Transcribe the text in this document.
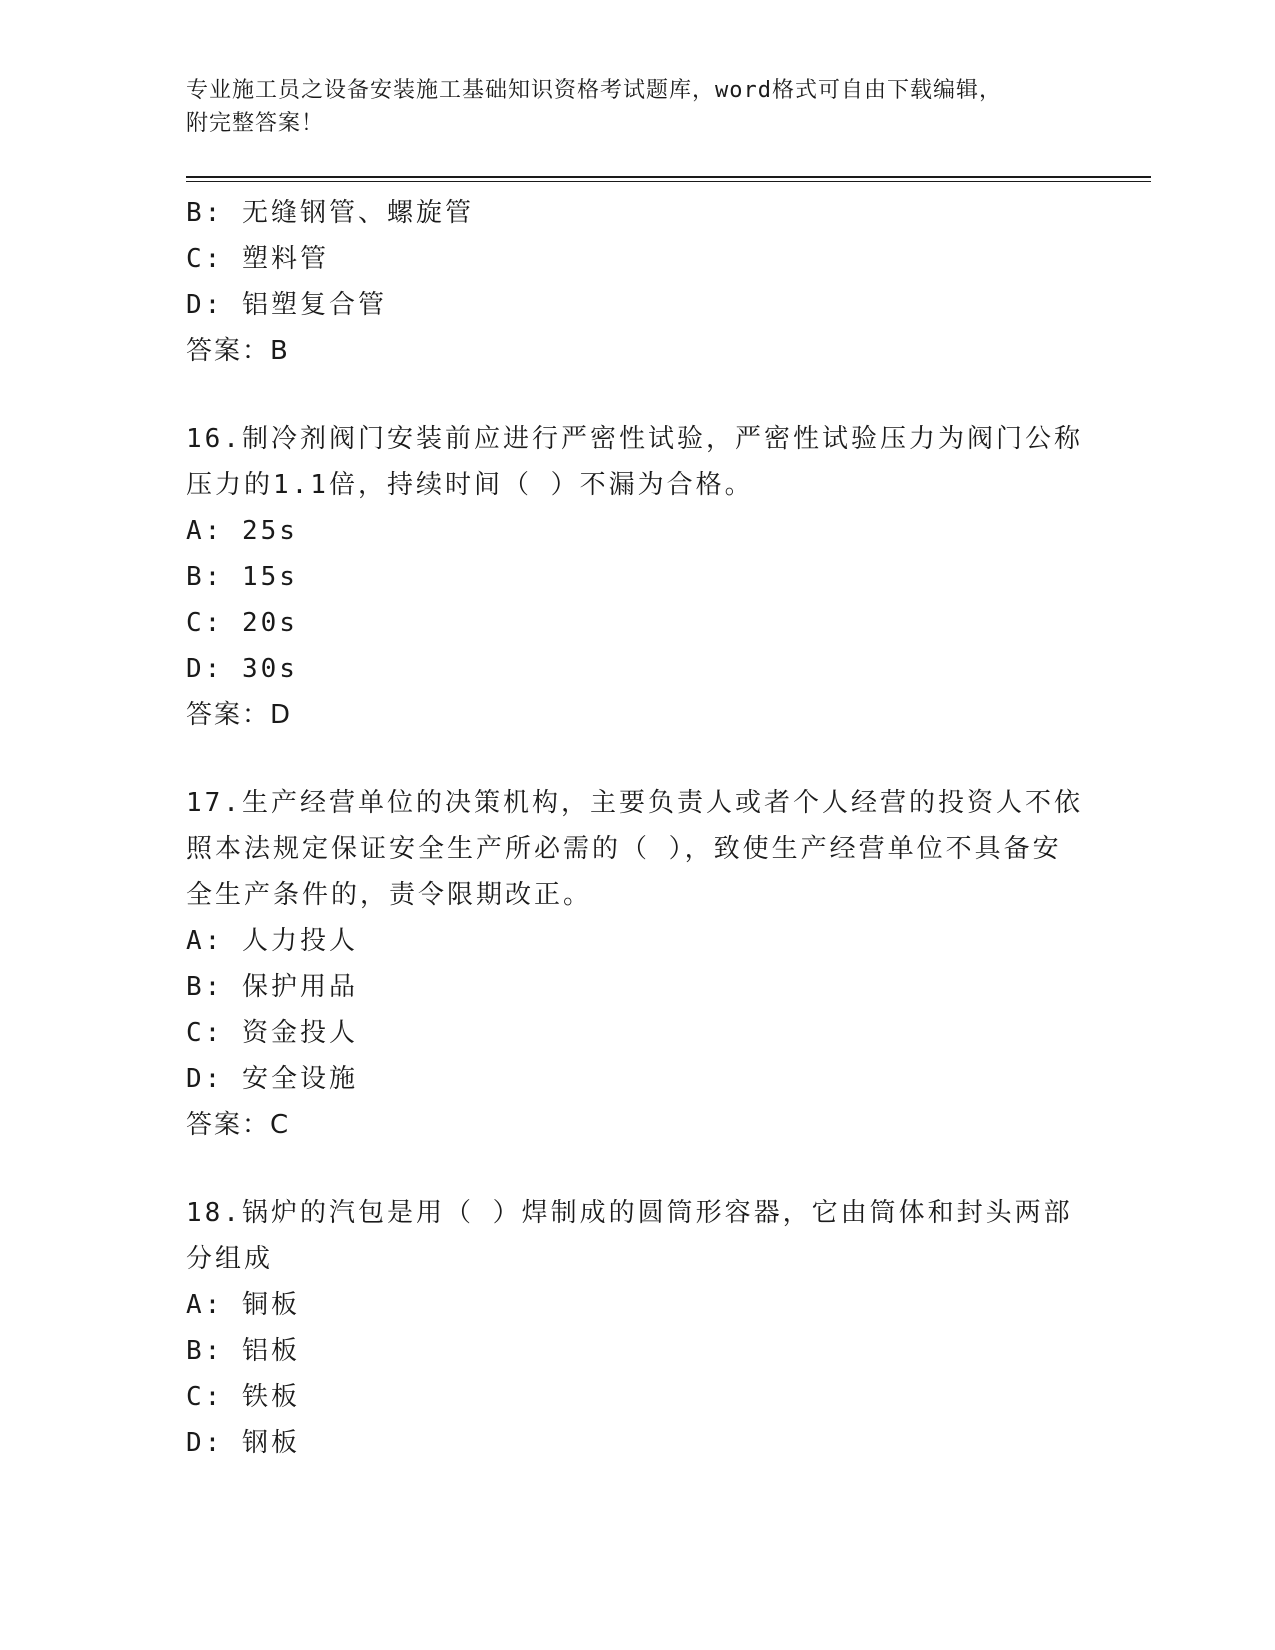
专业施工员之设备安装施工基础知识资格考试题库，word格式可自由下载编辑，
附完整答案！
B: 无缝钢管、螺旋管
C: 塑料管
D: 铝塑复合管
答案：B
16.制冷剂阀门安装前应进行严密性试验，严密性试验压力为阀门公称
压力的1.1倍，持续时间（ ）不漏为合格。
A: 25s
B: 15s
C: 20s
D: 30s
答案：D
17.生产经营单位的决策机构，主要负责人或者个人经营的投资人不依
照本法规定保证安全生产所必需的（ ），致使生产经营单位不具备安
全生产条件的，责令限期改正。
A: 人力投人
B: 保护用品
C: 资金投人
D: 安全设施
答案：C
18.锅炉的汽包是用（ ）焊制成的圆筒形容器，它由筒体和封头两部
分组成
A: 铜板
B: 铝板
C: 铁板
D: 钢板
